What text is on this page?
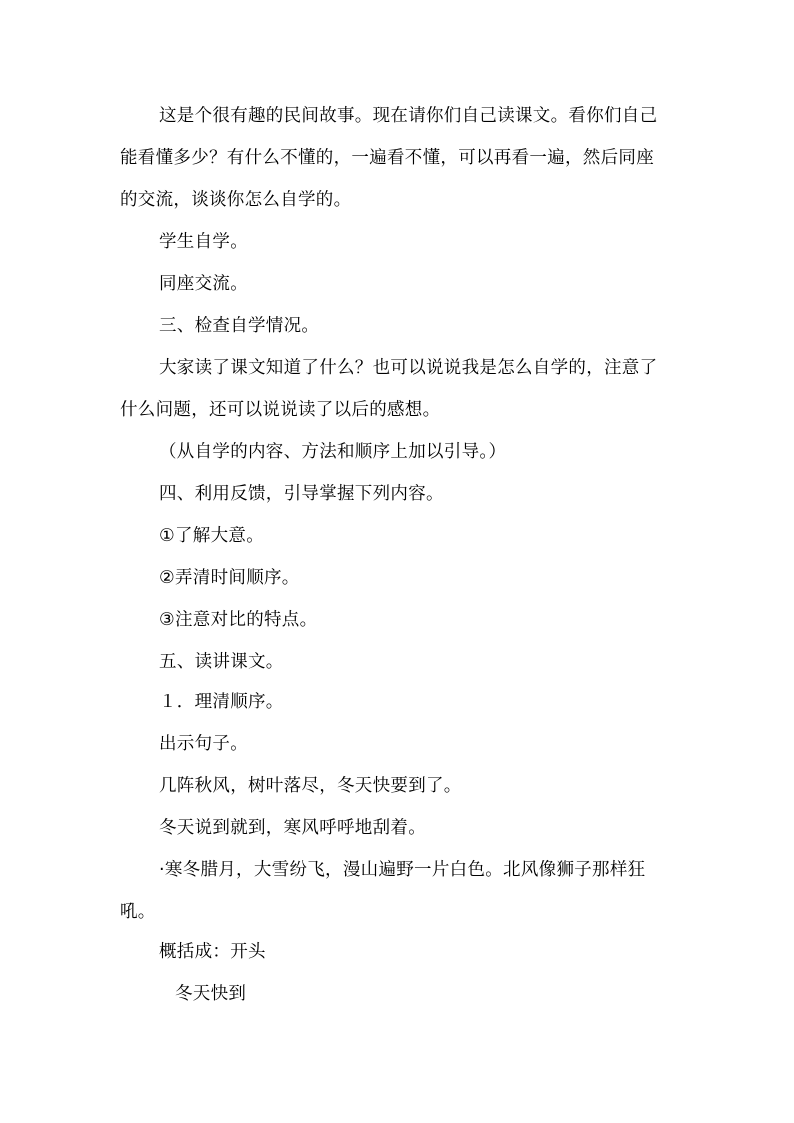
这是个很有趣的民间故事。现在请你们自己读课文。看你们自己
能看懂多少？有什么不懂的，一遍看不懂，可以再看一遍，然后同座
的交流，谈谈你怎么自学的。
学生自学。
同座交流。
三、检查自学情况。
大家读了课文知道了什么？也可以说说我是怎么自学的，注意了
什么问题，还可以说说读了以后的感想。
（从自学的内容、方法和顺序上加以引导。）
四、利用反馈，引导掌握下列内容。
①了解大意。
②弄清时间顺序。
③注意对比的特点。
五、读讲课文。
１．理清顺序。
出示句子。
几阵秋风，树叶落尽，冬天快要到了。
冬天说到就到，寒风呼呼地刮着。
·寒冬腊月，大雪纷飞，漫山遍野一片白色。北风像狮子那样狂
吼。
概括成：开头
冬天快到
